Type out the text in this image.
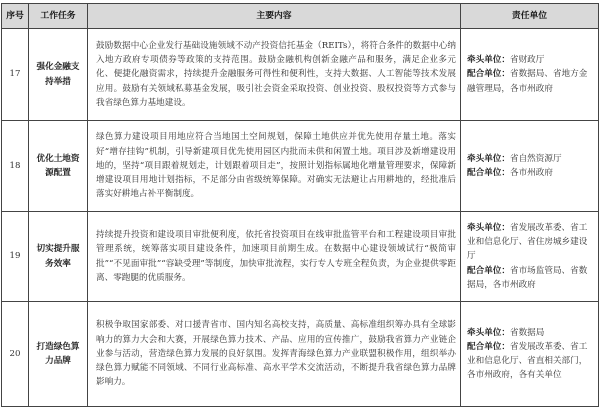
序号	工作任务	主要内容	责任单位
17	强化金融支持举措	鼓励数据中心企业发行基础设施领域不动产投资信托基金（REITs），将符合条件的数据中心纳入地方政府专项债券等政策的支持范围。鼓励金融机构创新金融产品和服务，满足企业多元化、便捷化融资需求，持续提升金融服务可得性和便利性，支持大数据、人工智能等技术发展应用。鼓励有关领域私募基金发展，吸引社会资金采取投资、创业投资、股权投资等方式参与我省绿色算力基地建设。	牵头单位：省财政厅
配合单位：省数据局、省地方金融管理局，各市州政府

18	优化土地资源配置	绿色算力建设项目用地应符合当地国土空间规划，保障土地供应并优先使用存量土地。落实好“增存挂钩”机制，引导新建项目优先使用园区内批而未供和闲置土地。项目涉及新增建设用地的，坚持“项目跟着规划走，计划跟着项目走”，按照计划指标属地化增量管理要求，保障新增建设项目用地计划指标，不足部分由省级统筹保障。对确实无法避让占用耕地的，经批准后落实好耕地占补平衡制度。	牵头单位：省自然资源厅
配合单位：各市州政府

19	切实提升服务效率	持续提升投资和建设项目审批便利度，依托省投资项目在线审批监管平台和工程建设项目审批管理系统，统筹落实项目建设条件，加速项目前期生成。在数据中心建设领域试行“极简审批”“不见面审批”“容缺受理”等制度，加快审批流程，实行专人专班全程负责，为企业提供零距离、零跑腿的优质服务。	牵头单位：省发展改革委、省工业和信息化厅、省住房城乡建设厅
配合单位：省市场监管局、省数据局，各市州政府

20	打造绿色算力品牌	积极争取国家部委、对口援青省市、国内知名高校支持，高质量、高标准组织筹办具有全球影响力的算力大会和大赛，开展绿色算力技术、产品、应用的宣传推广，鼓励我省算力产业链企业参与活动，营造绿色算力发展的良好氛围。发挥青海绿色算力产业联盟积极作用，组织举办绿色算力赋能不同领域、不同行业高标准、高水平学术交流活动，不断提升我省绿色算力品牌影响力。	牵头单位：省数据局
配合单位：省发展改革委、省工业和信息化厅、省直相关部门，各市州政府，各有关单位
